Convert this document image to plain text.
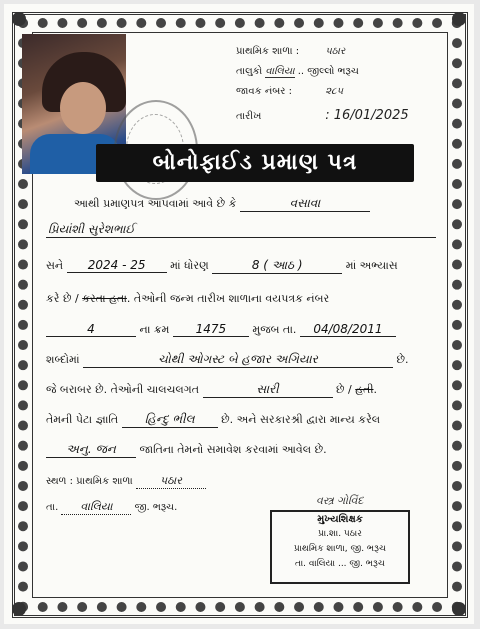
પ્રાથમિક શાળા :	પઠાર
તાલુકો વાલિયા .. જીલ્લો ભરૂચ
જાવક નંબર :	૨૮૫
તારીખ	: 16/01/2025
બોનોફાઈડ પ્રમાણ પત્ર
આથી પ્રમાણપત્ર આપવામાં આવે છે કે	વસાવા
પ્રિયાંશી સુરેશભાઈ
સને 2024 - 25 માં ધોરણ	8 ( આઠ )	માં અભ્યાસ
કરે છે / કરતા હતા. તેઓની જન્મ તારીખ શાળાના વયપત્રક નંબર
4	ના ક્રમ 1475 મુજબ તા. 04/08/2011
શબ્દોમાં	ચોથી ઓગસ્ટ બે હજાર અગિયાર	છે.
જે બરાબર છે. તેઓની ચાલચલગત	સારી	છે / હતી.
તેમની પેટા જ્ઞાતિ હિન્દુ ભીલ છે. અને સરકારશ્રી દ્વારા માન્ય કરેલ
અનુ. જન જાતિના તેમનો સમાવેશ કરવામાં આવેલ છે.
સ્થળ : પ્રાથમિક શાળા પઠાર
તા. વાલિયા જી. ભરૂચ.
વસ્ત્ર ગોવિંદ
મુખ્યશિક્ષક
પ્રા.શા. પઠાર
પ્રાથમિક શાળા, જી. ભરૂચ
તા. વાલિયા ... જી. ભરૂચ
